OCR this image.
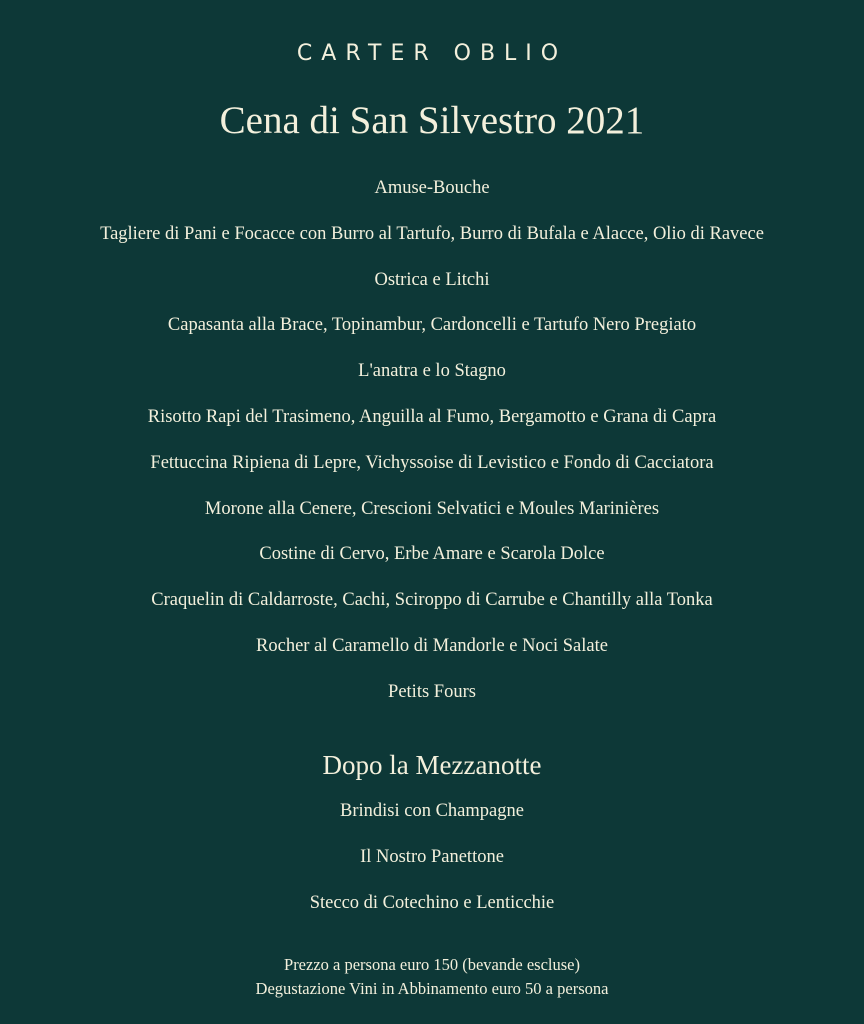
CARTER OBLIO
Cena di San Silvestro 2021
Amuse-Bouche
Tagliere di Pani e Focacce con Burro al Tartufo, Burro di Bufala e Alacce, Olio di Ravece
Ostrica e Litchi
Capasanta alla Brace, Topinambur, Cardoncelli e Tartufo Nero Pregiato
L'anatra e lo Stagno
Risotto Rapi del Trasimeno, Anguilla al Fumo, Bergamotto e Grana di Capra
Fettuccina Ripiena di Lepre, Vichyssoise di Levistico e Fondo di Cacciatora
Morone alla Cenere, Crescioni Selvatici e Moules Marinières
Costine di Cervo, Erbe Amare e Scarola Dolce
Craquelin di Caldarroste, Cachi, Sciroppo di Carrube e Chantilly alla Tonka
Rocher al Caramello di Mandorle e Noci Salate
Petits Fours
Dopo la Mezzanotte
Brindisi con Champagne
Il Nostro Panettone
Stecco di Cotechino e Lenticchie
Prezzo a persona euro 150 (bevande escluse)
Degustazione Vini in Abbinamento euro 50 a persona
